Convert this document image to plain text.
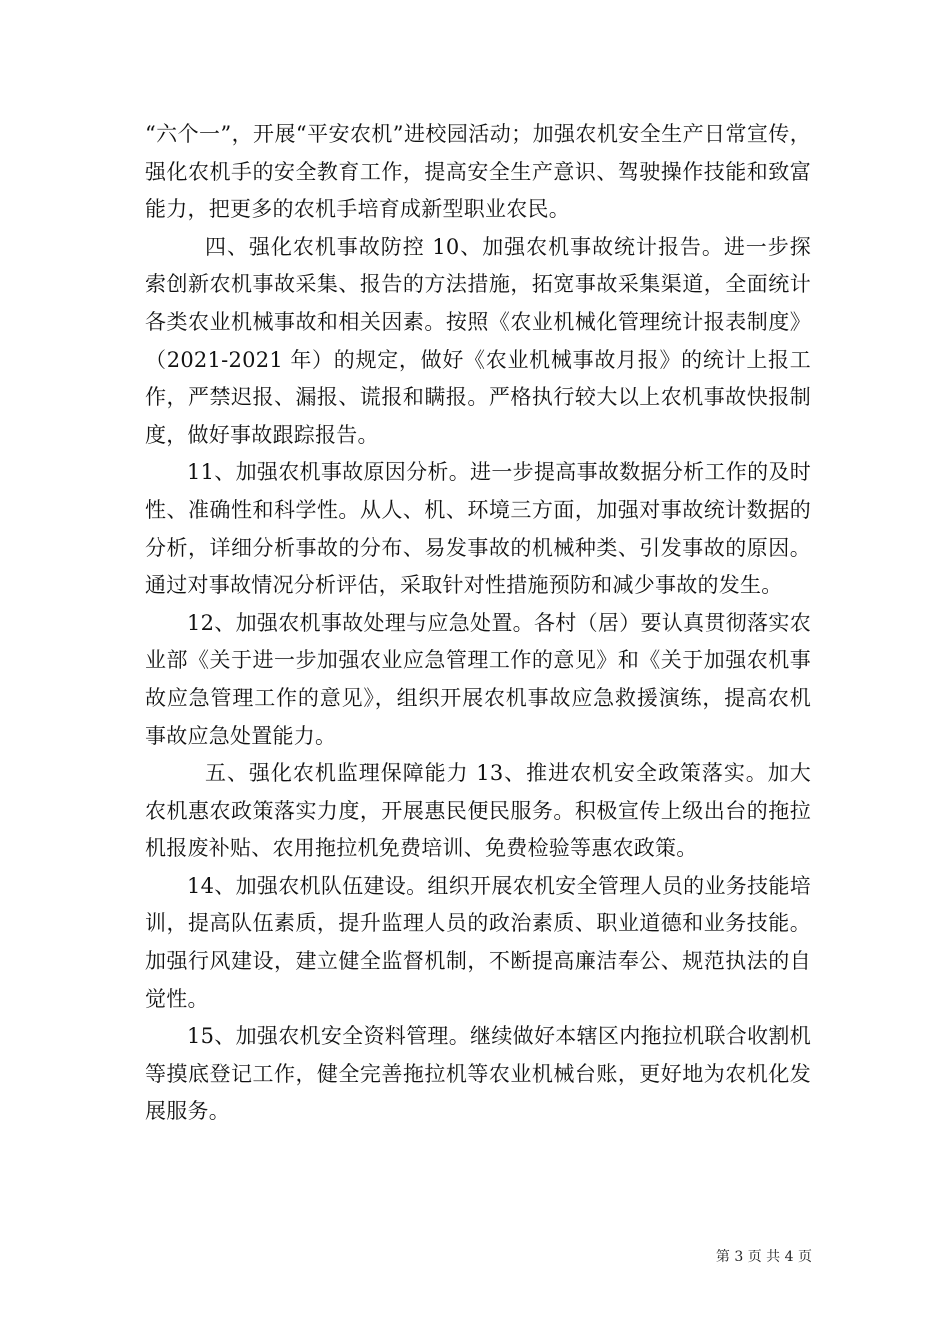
“六个一”，开展“平安农机”进校园活动；加强农机安全生产日常宣传，强化农机手的安全教育工作，提高安全生产意识、驾驶操作技能和致富能力，把更多的农机手培育成新型职业农民。

四、强化农机事故防控 10、加强农机事故统计报告。进一步探索创新农机事故采集、报告的方法措施，拓宽事故采集渠道，全面统计各类农业机械事故和相关因素。按照《农业机械化管理统计报表制度》（2021-2021 年）的规定，做好《农业机械事故月报》的统计上报工作，严禁迟报、漏报、谎报和瞒报。严格执行较大以上农机事故快报制度，做好事故跟踪报告。

11、加强农机事故原因分析。进一步提高事故数据分析工作的及时性、准确性和科学性。从人、机、环境三方面，加强对事故统计数据的分析，详细分析事故的分布、易发事故的机械种类、引发事故的原因。通过对事故情况分析评估，采取针对性措施预防和减少事故的发生。

12、加强农机事故处理与应急处置。各村（居）要认真贯彻落实农业部《关于进一步加强农业应急管理工作的意见》和《关于加强农机事故应急管理工作的意见》，组织开展农机事故应急救援演练，提高农机事故应急处置能力。

五、强化农机监理保障能力 13、推进农机安全政策落实。加大农机惠农政策落实力度，开展惠民便民服务。积极宣传上级出台的拖拉机报废补贴、农用拖拉机免费培训、免费检验等惠农政策。

14、加强农机队伍建设。组织开展农机安全管理人员的业务技能培训，提高队伍素质，提升监理人员的政治素质、职业道德和业务技能。加强行风建设，建立健全监督机制，不断提高廉洁奉公、规范执法的自觉性。

15、加强农机安全资料管理。继续做好本辖区内拖拉机联合收割机等摸底登记工作，健全完善拖拉机等农业机械台账，更好地为农机化发展服务。

第 3 页 共 4 页
